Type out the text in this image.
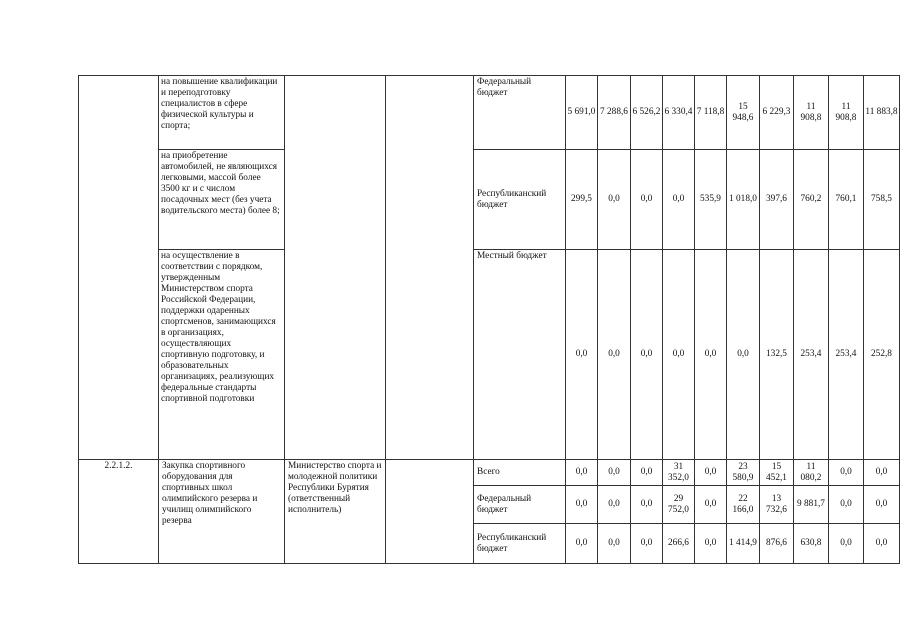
	на повышение квалификации и переподготовку специалистов в сфере физической культуры и спорта;			Федеральный бюджет	5 691,0	7 288,6	6 526,2	6 330,4	7 118,8	15 948,6	6 229,3	11 908,8	11 908,8	11 883,8
	на приобретение автомобилей, не являющихся легковыми, массой более 3500 кг и с числом посадочных мест (без учета водительского места) более 8;			Республиканский бюджет	299,5	0,0	0,0	0,0	535,9	1 018,0	397,6	760,2	760,1	758,5
	на осуществление в соответствии с порядком, утвержденным Министерством спорта Российской Федерации, поддержки одаренных спортсменов, занимающихся в организациях, осуществляющих спортивную подготовку, и образовательных организациях, реализующих федеральные стандарты спортивной подготовки			Местный бюджет	0,0	0,0	0,0	0,0	0,0	0,0	132,5	253,4	253,4	252,8
2.2.1.2.	Закупка спортивного оборудования для спортивных школ олимпийского резерва и училищ олимпийского резерва	Министерство спорта и молодежной политики Республики Бурятия (ответственный исполнитель)		Всего	0,0	0,0	0,0	31 352,0	0,0	23 580,9	15 452,1	11 080,2	0,0	0,0
				Федеральный бюджет	0,0	0,0	0,0	29 752,0	0,0	22 166,0	13 732,6	9 881,7	0,0	0,0
				Республиканский бюджет	0,0	0,0	0,0	266,6	0,0	1 414,9	876,6	630,8	0,0	0,0
